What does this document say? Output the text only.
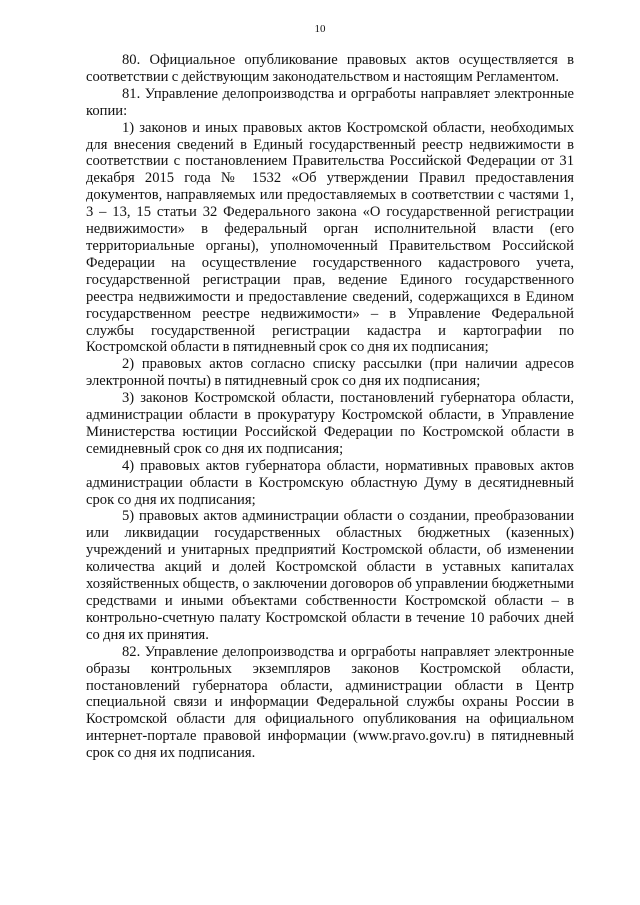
10

80. Официальное опубликование правовых актов осуществляется в соответствии с действующим законодательством и настоящим Регламентом.

81. Управление делопроизводства и оргработы направляет электронные копии:

1) законов и иных правовых актов Костромской области, необходимых для внесения сведений в Единый государственный реестр недвижимости в соответствии с постановлением Правительства Российской Федерации от 31 декабря 2015 года № 1532 «Об утверждении Правил предоставления документов, направляемых или предоставляемых в соответствии с частями 1, 3 – 13, 15 статьи 32 Федерального закона «О государственной регистрации недвижимости» в федеральный орган исполнительной власти (его территориальные органы), уполномоченный Правительством Российской Федерации на осуществление государственного кадастрового учета, государственной регистрации прав, ведение Единого государственного реестра недвижимости и предоставление сведений, содержащихся в Едином государственном реестре недвижимости» – в Управление Федеральной службы государственной регистрации кадастра и картографии по Костромской области в пятидневный срок со дня их подписания;

2) правовых актов согласно списку рассылки (при наличии адресов электронной почты) в пятидневный срок со дня их подписания;

3) законов Костромской области, постановлений губернатора области, администрации области в прокуратуру Костромской области, в Управление Министерства юстиции Российской Федерации по Костромской области в семидневный срок со дня их подписания;

4) правовых актов губернатора области, нормативных правовых актов администрации области в Костромскую областную Думу в десятидневный срок со дня их подписания;

5) правовых актов администрации области о создании, преобразовании или ликвидации государственных областных бюджетных (казенных) учреждений и унитарных предприятий Костромской области, об изменении количества акций и долей Костромской области в уставных капиталах хозяйственных обществ, о заключении договоров об управлении бюджетными средствами и иными объектами собственности Костромской области – в контрольно-счетную палату Костромской области в течение 10 рабочих дней со дня их принятия.

82. Управление делопроизводства и оргработы направляет электронные образы контрольных экземпляров законов Костромской области, постановлений губернатора области, администрации области в Центр специальной связи и информации Федеральной службы охраны России в Костромской области для официального опубликования на официальном интернет-портале правовой информации (www.pravo.gov.ru) в пятидневный срок со дня их подписания.
